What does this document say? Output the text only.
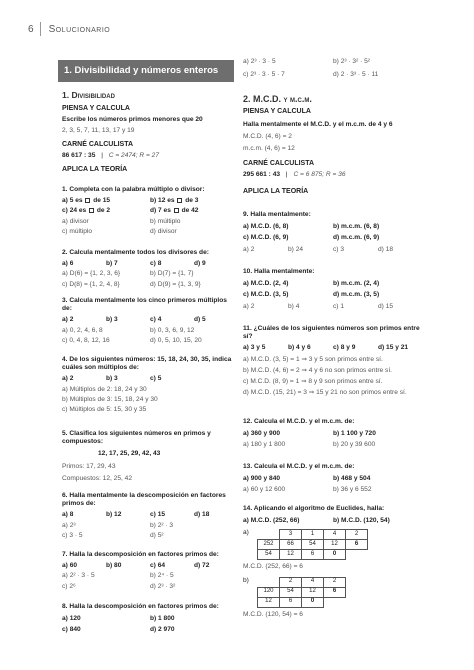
6 Solucionario
1. Divisibilidad y números enteros
1. Divisibilidad
PIENSA Y CALCULA
Escribe los números primos menores que 20
2, 3, 5, 7, 11, 13, 17 y 19
CARNÉ CALCULISTA
86 617 : 35 | C = 2474; R = 27
APLICA LA TEORÍA
1. Completa con la palabra múltiplo o divisor:
a) 5 es de 15	b) 12 es de 3
c) 24 es de 2	d) 7 es de 42
a) divisor	b) múltiplo
c) múltiplo	d) divisor
2. Calcula mentalmente todos los divisores de:
a) 6	b) 7	c) 8	d) 9
a) D(6) = {1, 2, 3, 6}	b) D(7) = {1, 7}
c) D(8) = {1, 2, 4, 8}	d) D(9) = {1, 3, 9}
3. Calcula mentalmente los cinco primeros múltiplos de:
a) 2	b) 3	c) 4	d) 5
a) 0, 2, 4, 6, 8	b) 0, 3, 6, 9, 12
c) 0, 4, 8, 12, 16	d) 0, 5, 10, 15, 20
4. De los siguientes números: 15, 18, 24, 30, 35, indica cuáles son múltiplos de:
a) 2	b) 3	c) 5
a) Múltiplos de 2: 18, 24 y 30
b) Múltiplos de 3: 15, 18, 24 y 30
c) Múltiplos de 5: 15, 30 y 35
5. Clasifica los siguientes números en primos y compuestos:
12, 17, 25, 29, 42, 43
Primos: 17, 29, 43
Compuestos: 12, 25, 42
6. Halla mentalmente la descomposición en factores primos de:
a) 8	b) 12	c) 15	d) 18
a) 2³	b) 2² · 3
c) 3 · 5	d) 5²
7. Halla la descomposición en factores primos de:
a) 60	b) 80	c) 64	d) 72
a) 2² · 3 · 5	b) 2⁴ · 5
c) 2⁶	d) 2³ · 3²
8. Halla la descomposición en factores primos de:
a) 120	b) 1 800
c) 840	d) 2 970
a) 2³ · 3 · 5	b) 2³ · 3² · 5²
c) 2³ · 3 · 5 · 7	d) 2 · 3³ · 5 · 11
2. M.C.D. y m.c.m.
PIENSA Y CALCULA
Halla mentalmente el M.C.D. y el m.c.m. de 4 y 6
M.C.D. (4, 6) = 2
m.c.m. (4, 6) = 12
CARNÉ CALCULISTA
295 661 : 43 | C = 6 875; R = 36
APLICA LA TEORÍA
9. Halla mentalmente:
a) M.C.D. (6, 8)	b) m.c.m. (6, 8)
c) M.C.D. (6, 9)	d) m.c.m. (6, 9)
a) 2	b) 24	c) 3	d) 18
10. Halla mentalmente:
a) M.C.D. (2, 4)	b) m.c.m. (2, 4)
c) M.C.D. (3, 5)	d) m.c.m. (3, 5)
a) 2	b) 4	c) 1	d) 15
11. ¿Cuáles de los siguientes números son primos entre sí?
a) 3 y 5	b) 4 y 6	c) 8 y 9	d) 15 y 21
a) M.C.D. (3, 5) = 1 ⇒ 3 y 5 son primos entre sí.
b) M.C.D. (4, 6) = 2 ⇒ 4 y 6 no son primos entre sí.
c) M.C.D. (8, 9) = 1 ⇒ 8 y 9 son primos entre sí.
d) M.C.D. (15, 21) = 3 ⇒ 15 y 21 no son primos entre sí.
12. Calcula el M.C.D. y el m.c.m. de:
a) 360 y 900	b) 1 100 y 720
a) 180 y 1 800	b) 20 y 39 600
13. Calcula el M.C.D. y el m.c.m. de:
a) 900 y 840	b) 468 y 504
a) 60 y 12 600	b) 36 y 6 552
14. Aplicando el algoritmo de Euclides, halla:
a) M.C.D. (252, 66)	b) M.C.D. (120, 54)
a)
		3	1	4	2
252	66	54	12	6
54	12	6	0	
M.C.D. (252, 66) = 6
b)
		2	4	2
120	54	12	6
12	6	0	
M.C.D. (120, 54) = 6
